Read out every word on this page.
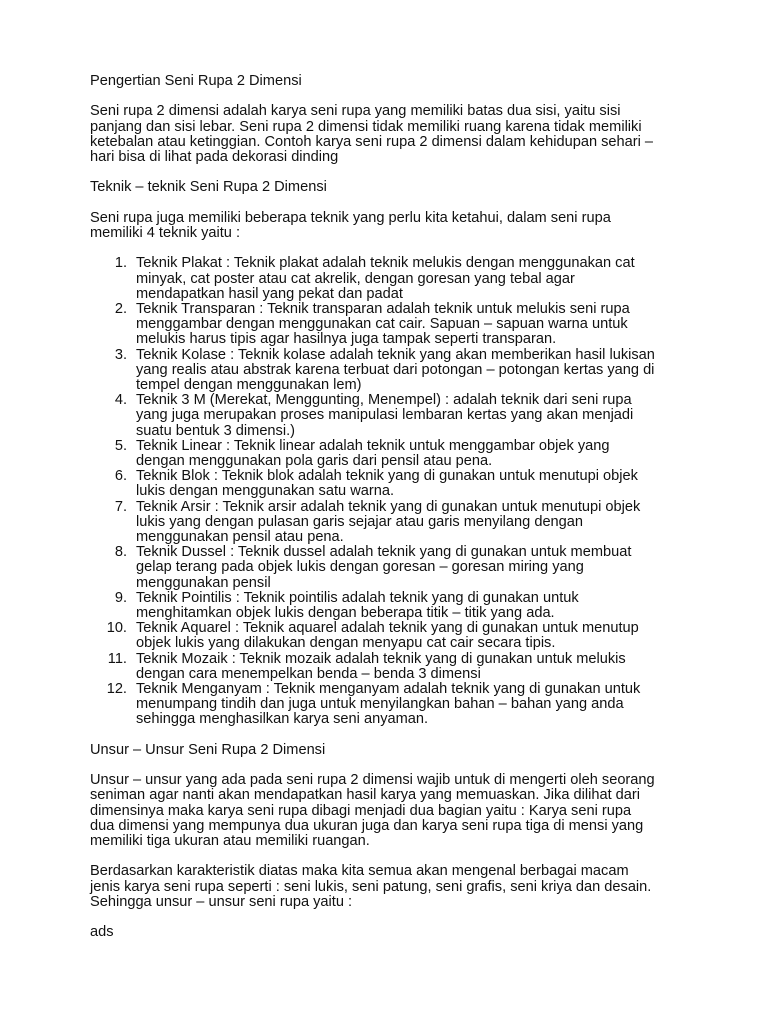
Pengertian Seni Rupa 2 Dimensi

Seni rupa 2 dimensi adalah karya seni rupa yang memiliki batas dua sisi, yaitu sisi
panjang dan sisi lebar. Seni rupa 2 dimensi tidak memiliki ruang karena tidak memiliki
ketebalan atau ketinggian. Contoh karya seni rupa 2 dimensi dalam kehidupan sehari –
hari bisa di lihat pada dekorasi dinding

Teknik – teknik Seni Rupa 2 Dimensi

Seni rupa juga memiliki beberapa teknik yang perlu kita ketahui, dalam seni rupa
memiliki 4 teknik yaitu :

1. Teknik Plakat : Teknik plakat adalah teknik melukis dengan menggunakan cat
minyak, cat poster atau cat akrelik, dengan goresan yang tebal agar
mendapatkan hasil yang pekat dan padat
2. Teknik Transparan : Teknik transparan adalah teknik untuk melukis seni rupa
menggambar dengan menggunakan cat cair. Sapuan – sapuan warna untuk
melukis harus tipis agar hasilnya juga tampak seperti transparan.
3. Teknik Kolase : Teknik kolase adalah teknik yang akan memberikan hasil lukisan
yang realis atau abstrak karena terbuat dari potongan – potongan kertas yang di
tempel dengan menggunakan lem)
4. Teknik 3 M (Merekat, Menggunting, Menempel) : adalah teknik dari seni rupa
yang juga merupakan proses manipulasi lembaran kertas yang akan menjadi
suatu bentuk 3 dimensi.)
5. Teknik Linear : Teknik linear adalah teknik untuk menggambar objek yang
dengan menggunakan pola garis dari pensil atau pena.
6. Teknik Blok : Teknik blok adalah teknik yang di gunakan untuk menutupi objek
lukis dengan menggunakan satu warna.
7. Teknik Arsir : Teknik arsir adalah teknik yang di gunakan untuk menutupi objek
lukis yang dengan pulasan garis sejajar atau garis menyilang dengan
menggunakan pensil atau pena.
8. Teknik Dussel : Teknik dussel adalah teknik yang di gunakan untuk membuat
gelap terang pada objek lukis dengan goresan – goresan miring yang
menggunakan pensil
9. Teknik Pointilis : Teknik pointilis adalah teknik yang di gunakan untuk
menghitamkan objek lukis dengan beberapa titik – titik yang ada.
10. Teknik Aquarel : Teknik aquarel adalah teknik yang di gunakan untuk menutup
objek lukis yang dilakukan dengan menyapu cat cair secara tipis.
11. Teknik Mozaik : Teknik mozaik adalah teknik yang di gunakan untuk melukis
dengan cara menempelkan benda – benda 3 dimensi
12. Teknik Menganyam : Teknik menganyam adalah teknik yang di gunakan untuk
menumpang tindih dan juga untuk menyilangkan bahan – bahan yang anda
sehingga menghasilkan karya seni anyaman.

Unsur – Unsur Seni Rupa 2 Dimensi

Unsur – unsur yang ada pada seni rupa 2 dimensi wajib untuk di mengerti oleh seorang
seniman agar nanti akan mendapatkan hasil karya yang memuaskan. Jika dilihat dari
dimensinya maka karya seni rupa dibagi menjadi dua bagian yaitu : Karya seni rupa
dua dimensi yang mempunya dua ukuran juga dan karya seni rupa tiga di mensi yang
memiliki tiga ukuran atau memiliki ruangan.

Berdasarkan karakteristik diatas maka kita semua akan mengenal berbagai macam
jenis karya seni rupa seperti : seni lukis, seni patung, seni grafis, seni kriya dan desain.
Sehingga unsur – unsur seni rupa yaitu :

ads
